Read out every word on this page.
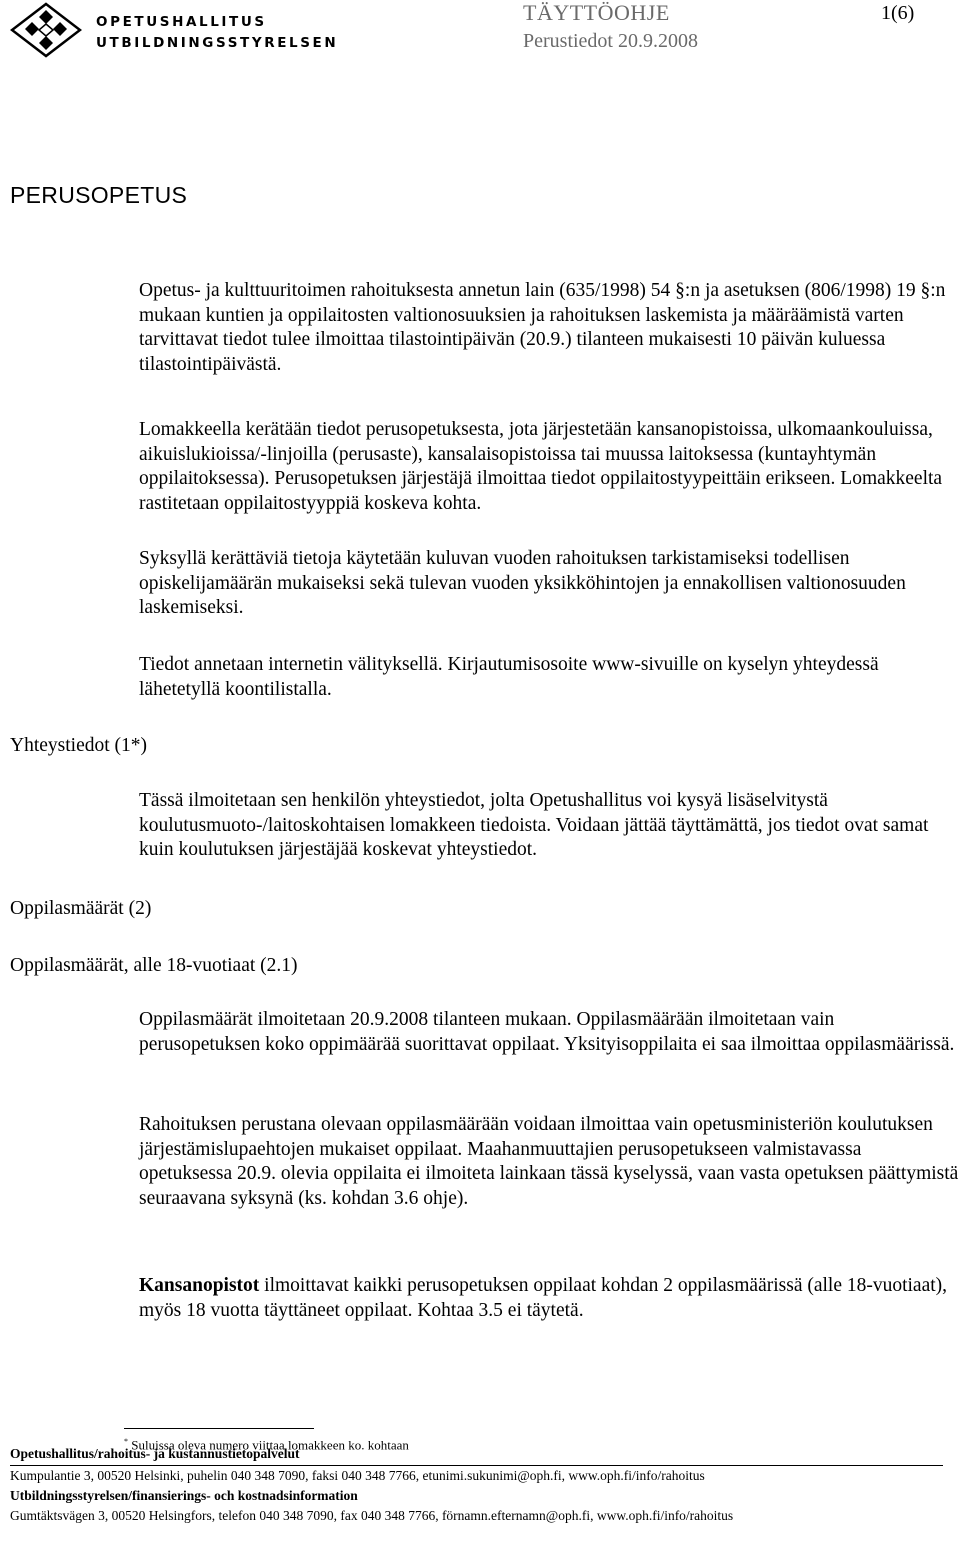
OPETUSHALLITUS
UTBILDNINGSSTYRELSEN
TÄYTTÖOHJE	1(6)
Perustiedot 20.9.2008
PERUSOPETUS

Opetus- ja kulttuuritoimen rahoituksesta annetun lain (635/1998) 54 §:n ja asetuksen (806/1998) 19 §:n mukaan kuntien ja oppilaitosten valtionosuuksien ja rahoituksen laskemista ja määräämistä varten tarvittavat tiedot tulee ilmoittaa tilastointipäivän (20.9.) tilanteen mukaisesti 10 päivän kuluessa tilastointipäivästä.

Lomakkeella kerätään tiedot perusopetuksesta, jota järjestetään kansanopistoissa, ulkomaankouluissa, aikuislukioissa/-linjoilla (perusaste), kansalaisopistoissa tai muussa laitoksessa (kuntayhtymän oppilaitoksessa). Perusopetuksen järjestäjä ilmoittaa tiedot oppilaitostyypeittäin erikseen. Lomakkeelta rastitetaan oppilaitostyyppiä koskeva kohta.

Syksyllä kerättäviä tietoja käytetään kuluvan vuoden rahoituksen tarkistamiseksi todellisen opiskelijamäärän mukaiseksi sekä tulevan vuoden yksikköhintojen ja ennakollisen valtionosuuden laskemiseksi.

Tiedot annetaan internetin välityksellä. Kirjautumisosoite www-sivuille on kyselyn yhteydessä lähetetyllä koontilistalla.

Yhteystiedot (1*)

Tässä ilmoitetaan sen henkilön yhteystiedot, jolta Opetushallitus voi kysyä lisäselvitystä koulutusmuoto-/laitoskohtaisen lomakkeen tiedoista. Voidaan jättää täyttämättä, jos tiedot ovat samat kuin koulutuksen järjestäjää koskevat yhteystiedot.

Oppilasmäärät (2)
Oppilasmäärät, alle 18-vuotiaat (2.1)

Oppilasmäärät ilmoitetaan 20.9.2008 tilanteen mukaan. Oppilasmäärään ilmoitetaan vain perusopetuksen koko oppimäärää suorittavat oppilaat. Yksityisoppilaita ei saa ilmoittaa oppilasmäärissä.

Rahoituksen perustana olevaan oppilasmäärään voidaan ilmoittaa vain opetusministeriön koulutuksen järjestämislupaehtojen mukaiset oppilaat. Maahanmuuttajien perusopetukseen valmistavassa opetuksessa 20.9. olevia oppilaita ei ilmoiteta lainkaan tässä kyselyssä, vaan vasta opetuksen päättymistä seuraavana syksynä (ks. kohdan 3.6 ohje).

Kansanopistot ilmoittavat kaikki perusopetuksen oppilaat kohdan 2 oppilasmäärissä (alle 18-vuotiaat), myös 18 vuotta täyttäneet oppilaat. Kohtaa 3.5 ei täytetä.

* Suluissa oleva numero viittaa lomakkeen ko. kohtaan
Opetushallitus/rahoitus- ja kustannustietopalvelut
Kumpulantie 3, 00520 Helsinki, puhelin 040 348 7090, faksi 040 348 7766, etunimi.sukunimi@oph.fi, www.oph.fi/info/rahoitus
Utbildningsstyrelsen/finansierings- och kostnadsinformation
Gumtäktsvägen 3, 00520 Helsingfors, telefon 040 348 7090, fax 040 348 7766, förnamn.efternamn@oph.fi, www.oph.fi/info/rahoitus
